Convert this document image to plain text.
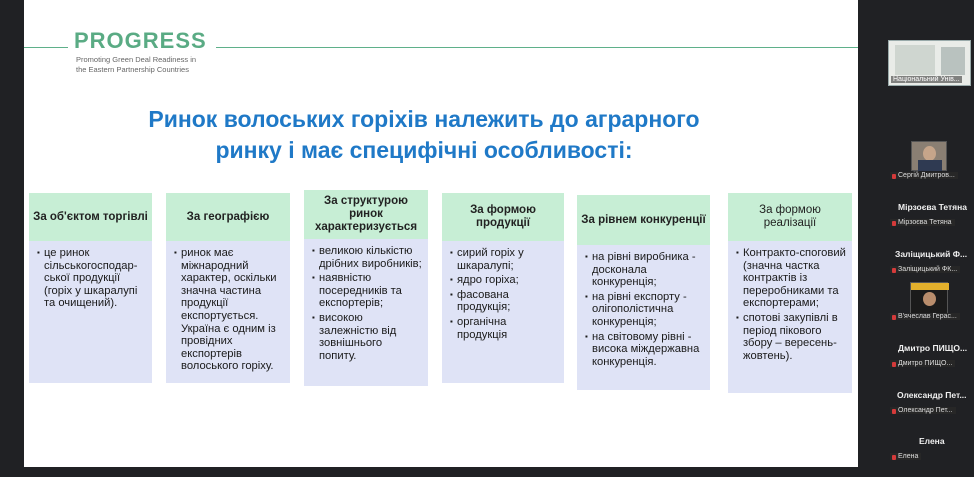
PROGRESS
Promoting Green Deal Readiness in
the Eastern Partnership Countries
Ринок волоських горіхів належить до аграрного
ринку і має специфічні особливості:
За об'єктом торгівлі
▪ це ринок сільськогосподар-ської продукції (горіх у шкаралупі та очищений).
За географією
▪ ринок має міжнародний характер, оскільки значна частина продукції експортується. Україна є одним із провідних експортерів волоського горіху.
За структурою ринок характеризується
▪ великою кількістю дрібних виробників;
▪ наявністю посередників та експортерів;
▪ високою залежністю від зовнішнього попиту.
За формою продукції
▪ сирий горіх у шкаралупі;
▪ ядро горіха;
▪ фасована продукція;
▪ органічна продукція
За рівнем конкуренції
▪ на рівні виробника - досконала конкуренція;
▪ на рівні експорту - олігополістична конкуренція;
▪ на світовому рівні - висока міждержавна конкуренція.
За формою реалізації
▪ Контракто-споговий (значна частка контрактів із переробниками та експортерами;
▪ спотові закупівлі в період пікового збору – вересень-жовтень).
Національний Унів...
Сергій Дмитров...
Мірзоєва Тетяна
Мірзоєва Тетяна
Заліщицький Ф...
Заліщицький ФК...
В'ячеслав Гераc...
Дмитро ПИЩО...
Дмитро ПИЩО...
Олександр Пет...
Олександр Пет...
Елена
Елена
